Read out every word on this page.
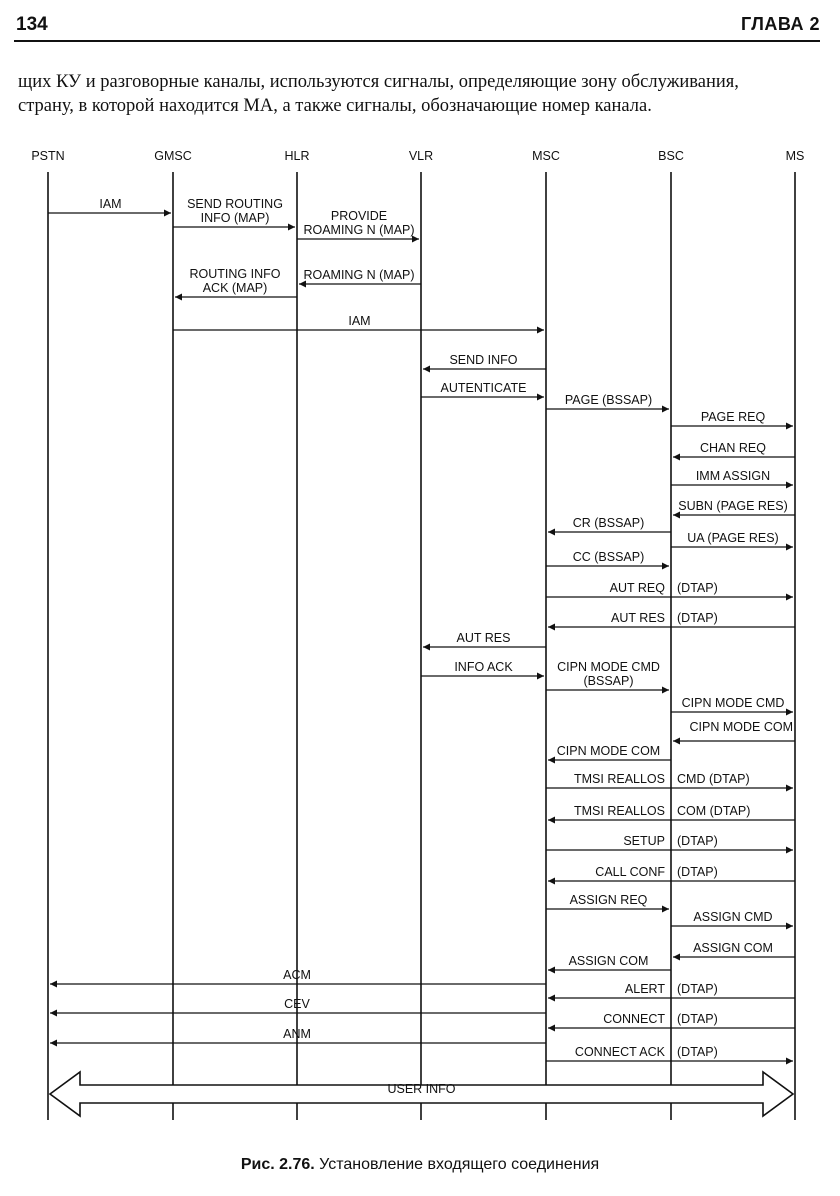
134	ГЛАВА 2

щих КУ и разговорные каналы, используются сигналы, определяющие зону обслуживания,
страну, в которой находится МА, а также сигналы, обозначающие номер канала.

PSTN	GMSC	HLR	VLR	MSC	BSC	MS
IAM	SEND ROUTING
INFO (MAP)	PROVIDE
ROAMING N (MAP)
ROAMING N (MAP)
ROUTING INFO
ACK (MAP)
IAM
SEND INFO
AUTENTICATE
PAGE (BSSAP)
PAGE REQ
CHAN REQ
IMM ASSIGN
SUBN (PAGE RES)
CR (BSSAP)
UA (PAGE RES)
CC (BSSAP)
AUT REQ (DTAP)
AUT RES (DTAP)
AUT RES
INFO ACK	CIPN MODE CMD
(BSSAP)
CIPN MODE CMD
CIPN MODE COM
CIPN MODE COM
TMSI REALLOS CMD (DTAP)
TMSI REALLOS COM (DTAP)
SETUP (DTAP)
CALL CONF (DTAP)
ASSIGN REQ
ASSIGN CMD
ASSIGN COM
ASSIGN COM
ACM
ALERT (DTAP)
CEV
CONNECT (DTAP)
ANM
CONNECT ACK (DTAP)
USER INFO
Рис. 2.76. Установление входящего соединения
